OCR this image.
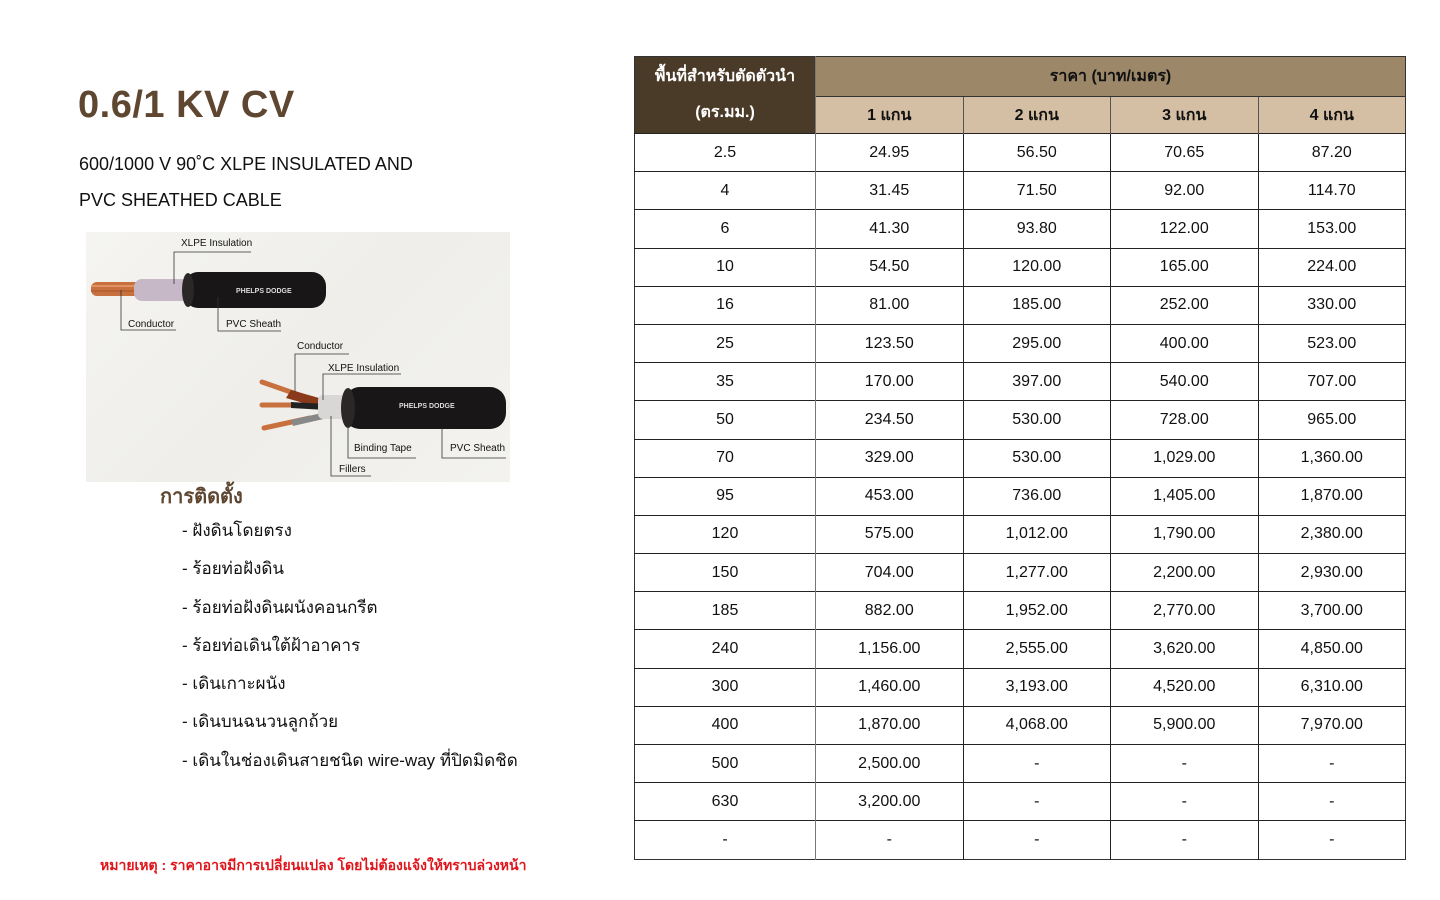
0.6/1 KV CV
600/1000 V 90˚C XLPE INSULATED AND
PVC SHEATHED CABLE
PHELPS DODGE
XLPE Insulation
Conductor	PVC Sheath
PHELPS DODGE
Conductor
XLPE Insulation
Binding Tape	PVC Sheath
Fillers
การติดตั้ง
- ฝังดินโดยตรง
- ร้อยท่อฝังดิน
- ร้อยท่อฝังดินผนังคอนกรีต
- ร้อยท่อเดินใต้ฝ้าอาคาร
- เดินเกาะผนัง
- เดินบนฉนวนลูกถ้วย
- เดินในช่องเดินสายชนิด wire-way ที่ปิดมิดชิด
หมายเหตุ : ราคาอาจมีการเปลี่ยนแปลง โดยไม่ต้องแจ้งให้ทราบล่วงหน้า
พื้นที่สำหรับตัดตัวนำ
(ตร.มม.)	ราคา (บาท/เมตร)			
	1 แกน	2 แกน	3 แกน	4 แกน
2.5	24.95	56.50	70.65	87.20
4	31.45	71.50	92.00	114.70
6	41.30	93.80	122.00	153.00
10	54.50	120.00	165.00	224.00
16	81.00	185.00	252.00	330.00
25	123.50	295.00	400.00	523.00
35	170.00	397.00	540.00	707.00
50	234.50	530.00	728.00	965.00
70	329.00	530.00	1,029.00	1,360.00
95	453.00	736.00	1,405.00	1,870.00
120	575.00	1,012.00	1,790.00	2,380.00
150	704.00	1,277.00	2,200.00	2,930.00
185	882.00	1,952.00	2,770.00	3,700.00
240	1,156.00	2,555.00	3,620.00	4,850.00
300	1,460.00	3,193.00	4,520.00	6,310.00
400	1,870.00	4,068.00	5,900.00	7,970.00
500	2,500.00	-	-	-
630	3,200.00	-	-	-
-	-	-	-	-
